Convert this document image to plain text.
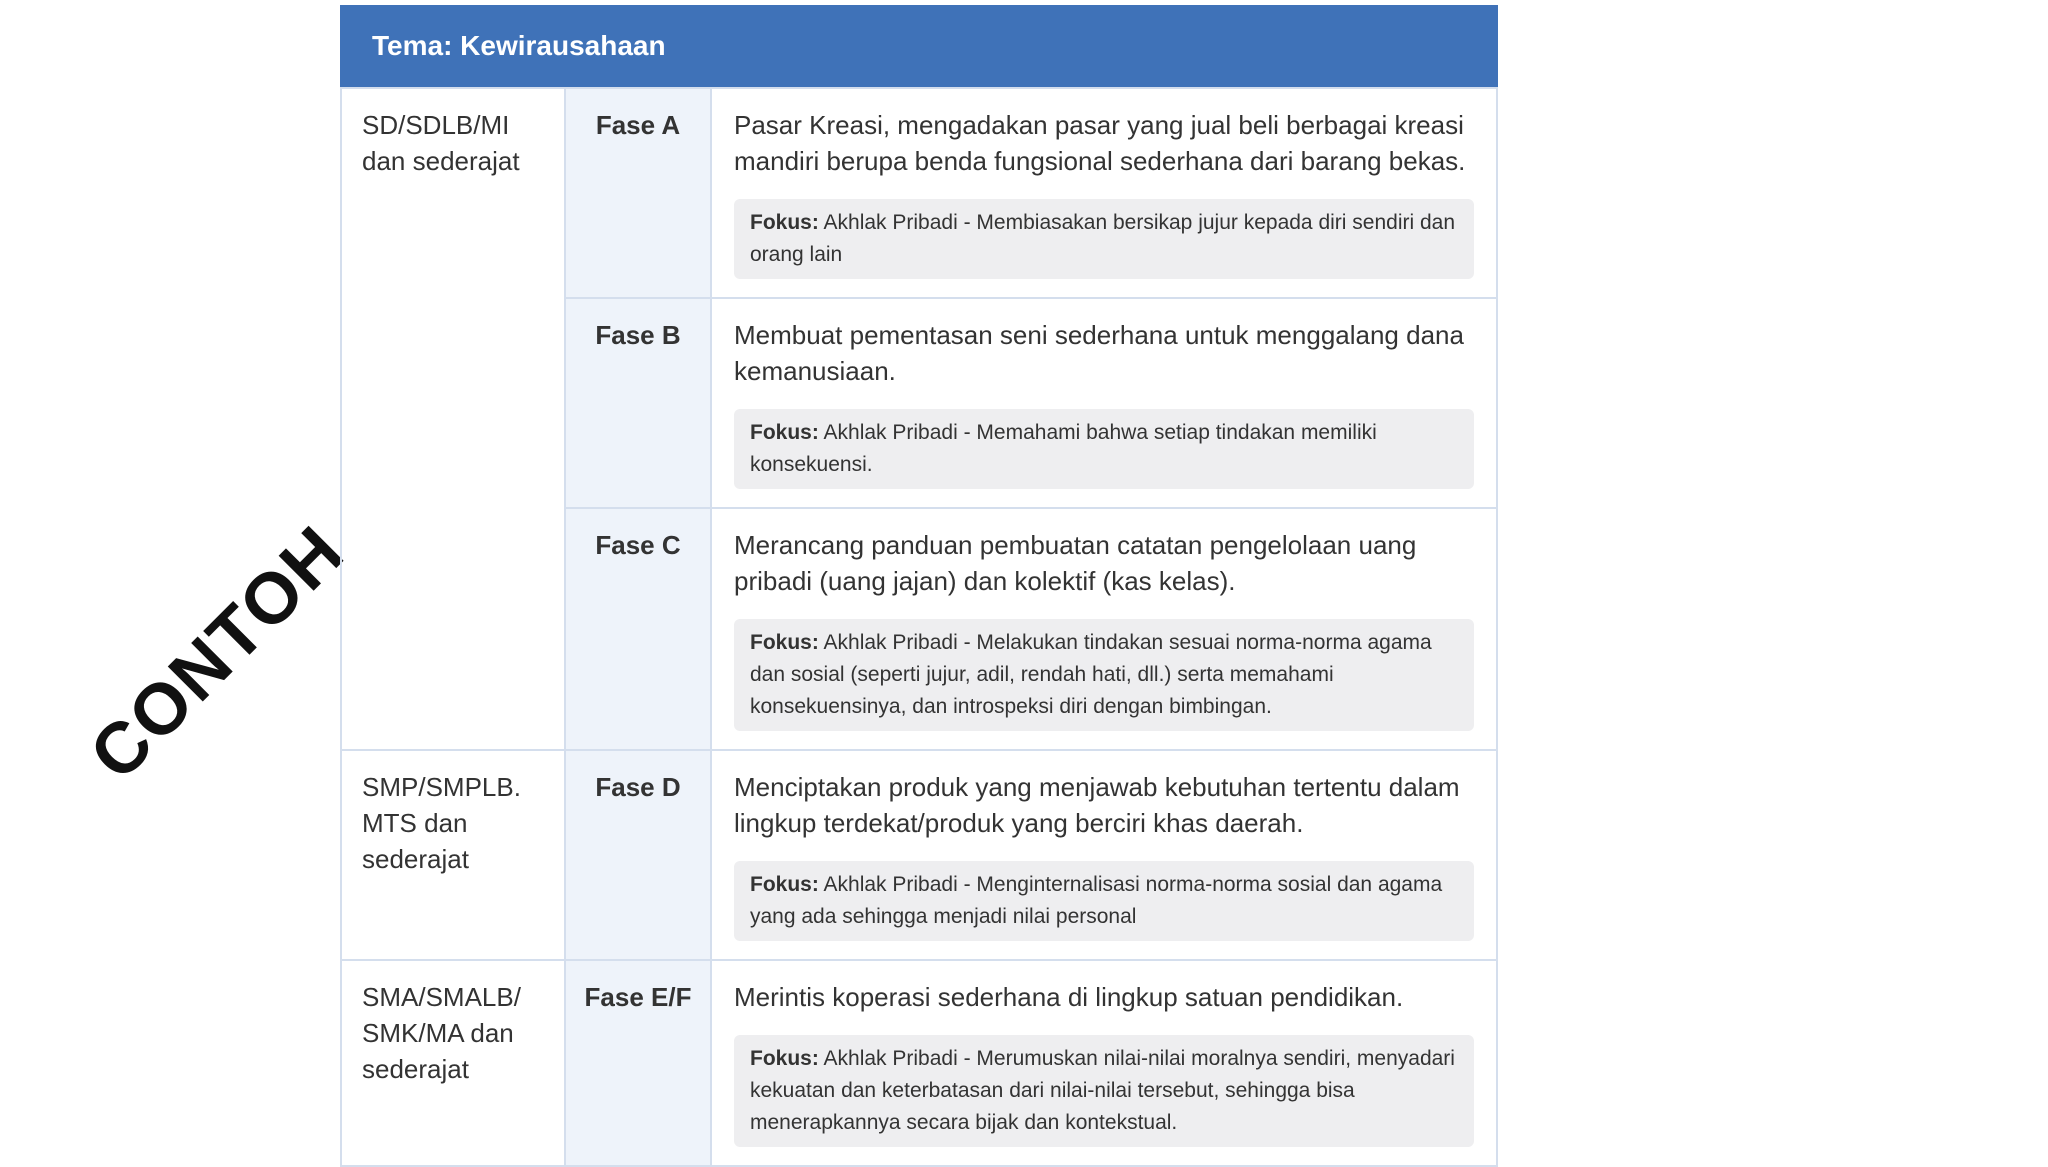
CONTOH
Tema: Kewirausahaan
SD/SDLB/MI dan sederajat
Fase A	Pasar Kreasi, mengadakan pasar yang jual beli berbagai kreasi mandiri berupa benda fungsional sederhana dari barang bekas.

Fokus: Akhlak Pribadi - Membiasakan bersikap jujur kepada diri sendiri dan orang lain
Fase B	Membuat pementasan seni sederhana untuk menggalang dana kemanusiaan.

Fokus: Akhlak Pribadi - Memahami bahwa setiap tindakan memiliki konsekuensi.
Fase C	Merancang panduan pembuatan catatan pengelolaan uang pribadi (uang jajan) dan kolektif (kas kelas).

Fokus: Akhlak Pribadi - Melakukan tindakan sesuai norma-norma agama dan sosial (seperti jujur, adil, rendah hati, dll.) serta memahami konsekuensinya, dan introspeksi diri dengan bimbingan.
SMP/SMPLB. MTS dan sederajat
Fase D	Menciptakan produk yang menjawab kebutuhan tertentu dalam lingkup terdekat/produk yang berciri khas daerah.

Fokus: Akhlak Pribadi - Menginternalisasi norma-norma sosial dan agama yang ada sehingga menjadi nilai personal
SMA/SMALB/ SMK/MA dan sederajat
Fase E/F	Merintis koperasi sederhana di lingkup satuan pendidikan.

Fokus: Akhlak Pribadi - Merumuskan nilai-nilai moralnya sendiri, menyadari kekuatan dan keterbatasan dari nilai-nilai tersebut, sehingga bisa menerapkannya secara bijak dan kontekstual.
